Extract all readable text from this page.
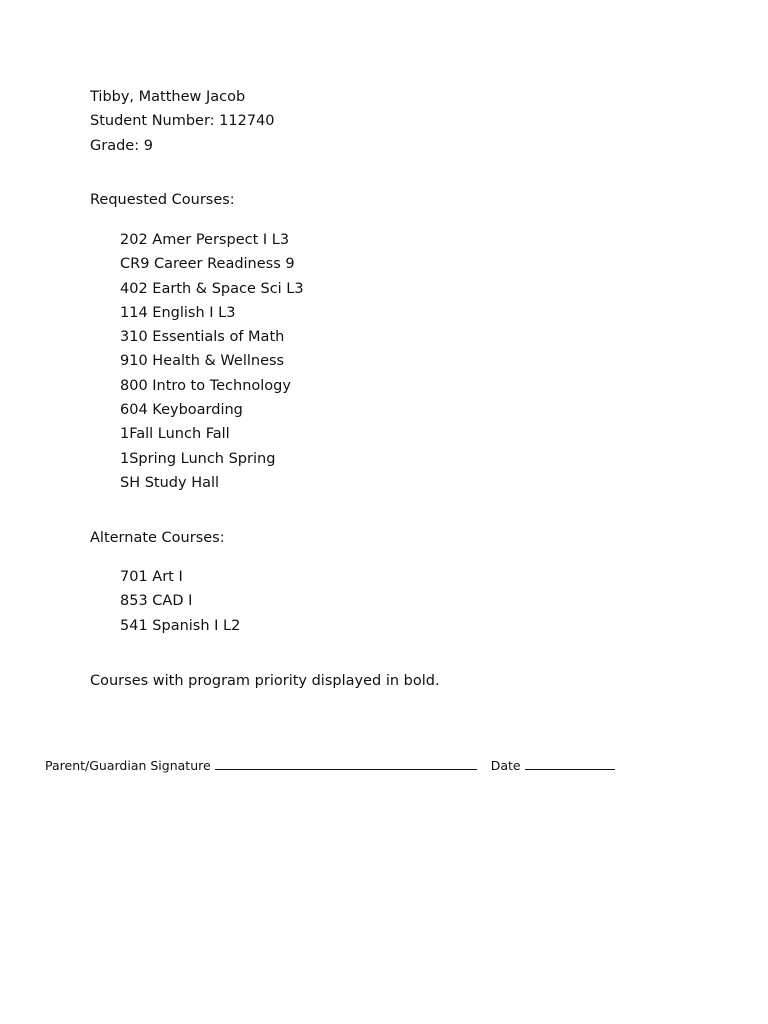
Tibby, Matthew Jacob
Student Number: 112740
Grade: 9
Requested Courses:
202 Amer Perspect I L3
CR9 Career Readiness 9
402 Earth & Space Sci L3
114 English I L3
310 Essentials of Math
910 Health & Wellness
800 Intro to Technology
604 Keyboarding
1Fall Lunch Fall
1Spring Lunch Spring
SH Study Hall
Alternate Courses:
701 Art I
853 CAD I
541 Spanish I L2
Courses with program priority displayed in bold.
Parent/Guardian Signature	Date
